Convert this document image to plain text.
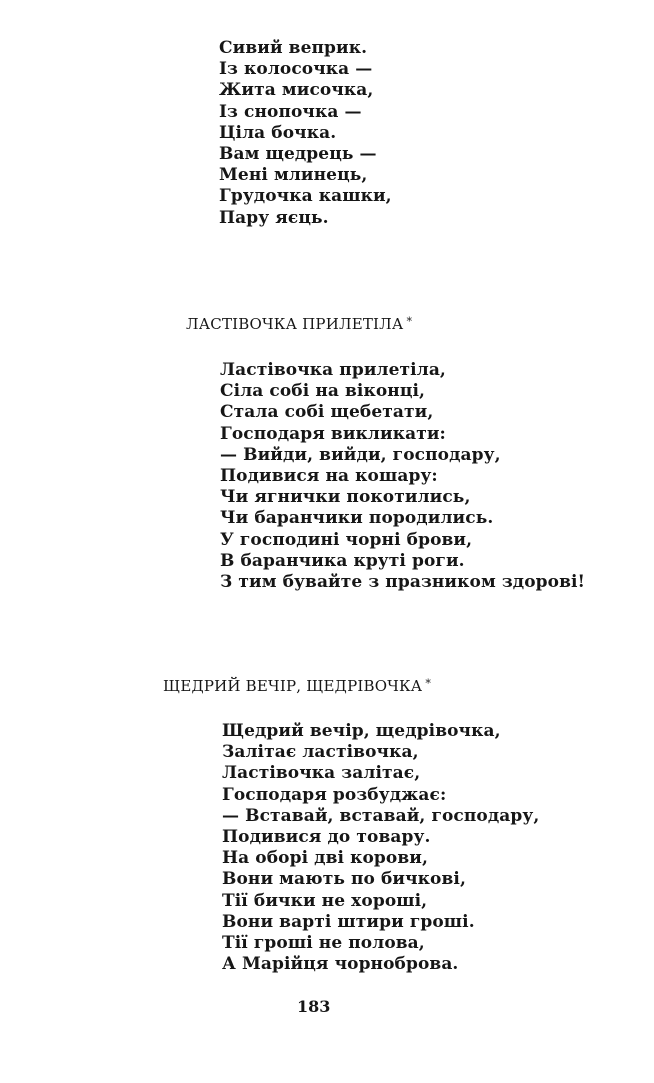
Сивий веприк.
Із колосочка —
Жита мисочка,
Із снопочка —
Ціла бочка.
Вам щедрець —
Мені млинець,
Грудочка кашки,
Пару яєць.
ЛАСТІВОЧКА ПРИЛЕТІЛА *
Ластівочка прилетіла,
Сіла собі на віконці,
Стала собі щебетати,
Господаря викликати:
— Вийди, вийди, господару,
Подивися на кошару:
Чи ягнички покотились,
Чи баранчики породились.
У господині чорні брови,
В баранчика круті роги.
З тим бувайте з празником здорові!
ЩЕДРИЙ ВЕЧІР, ЩЕДРІВОЧКА *
Щедрий вечір, щедрівочка,
Залітає ластівочка,
Ластівочка залітає,
Господаря розбуджає:
— Вставай, вставай, господару,
Подивися до товару.
На оборі дві корови,
Вони мають по бичкові,
Тії бички не хороші,
Вони варті штири гроші.
Тії гроші не полова,
А Марійця чорноброва.
183
